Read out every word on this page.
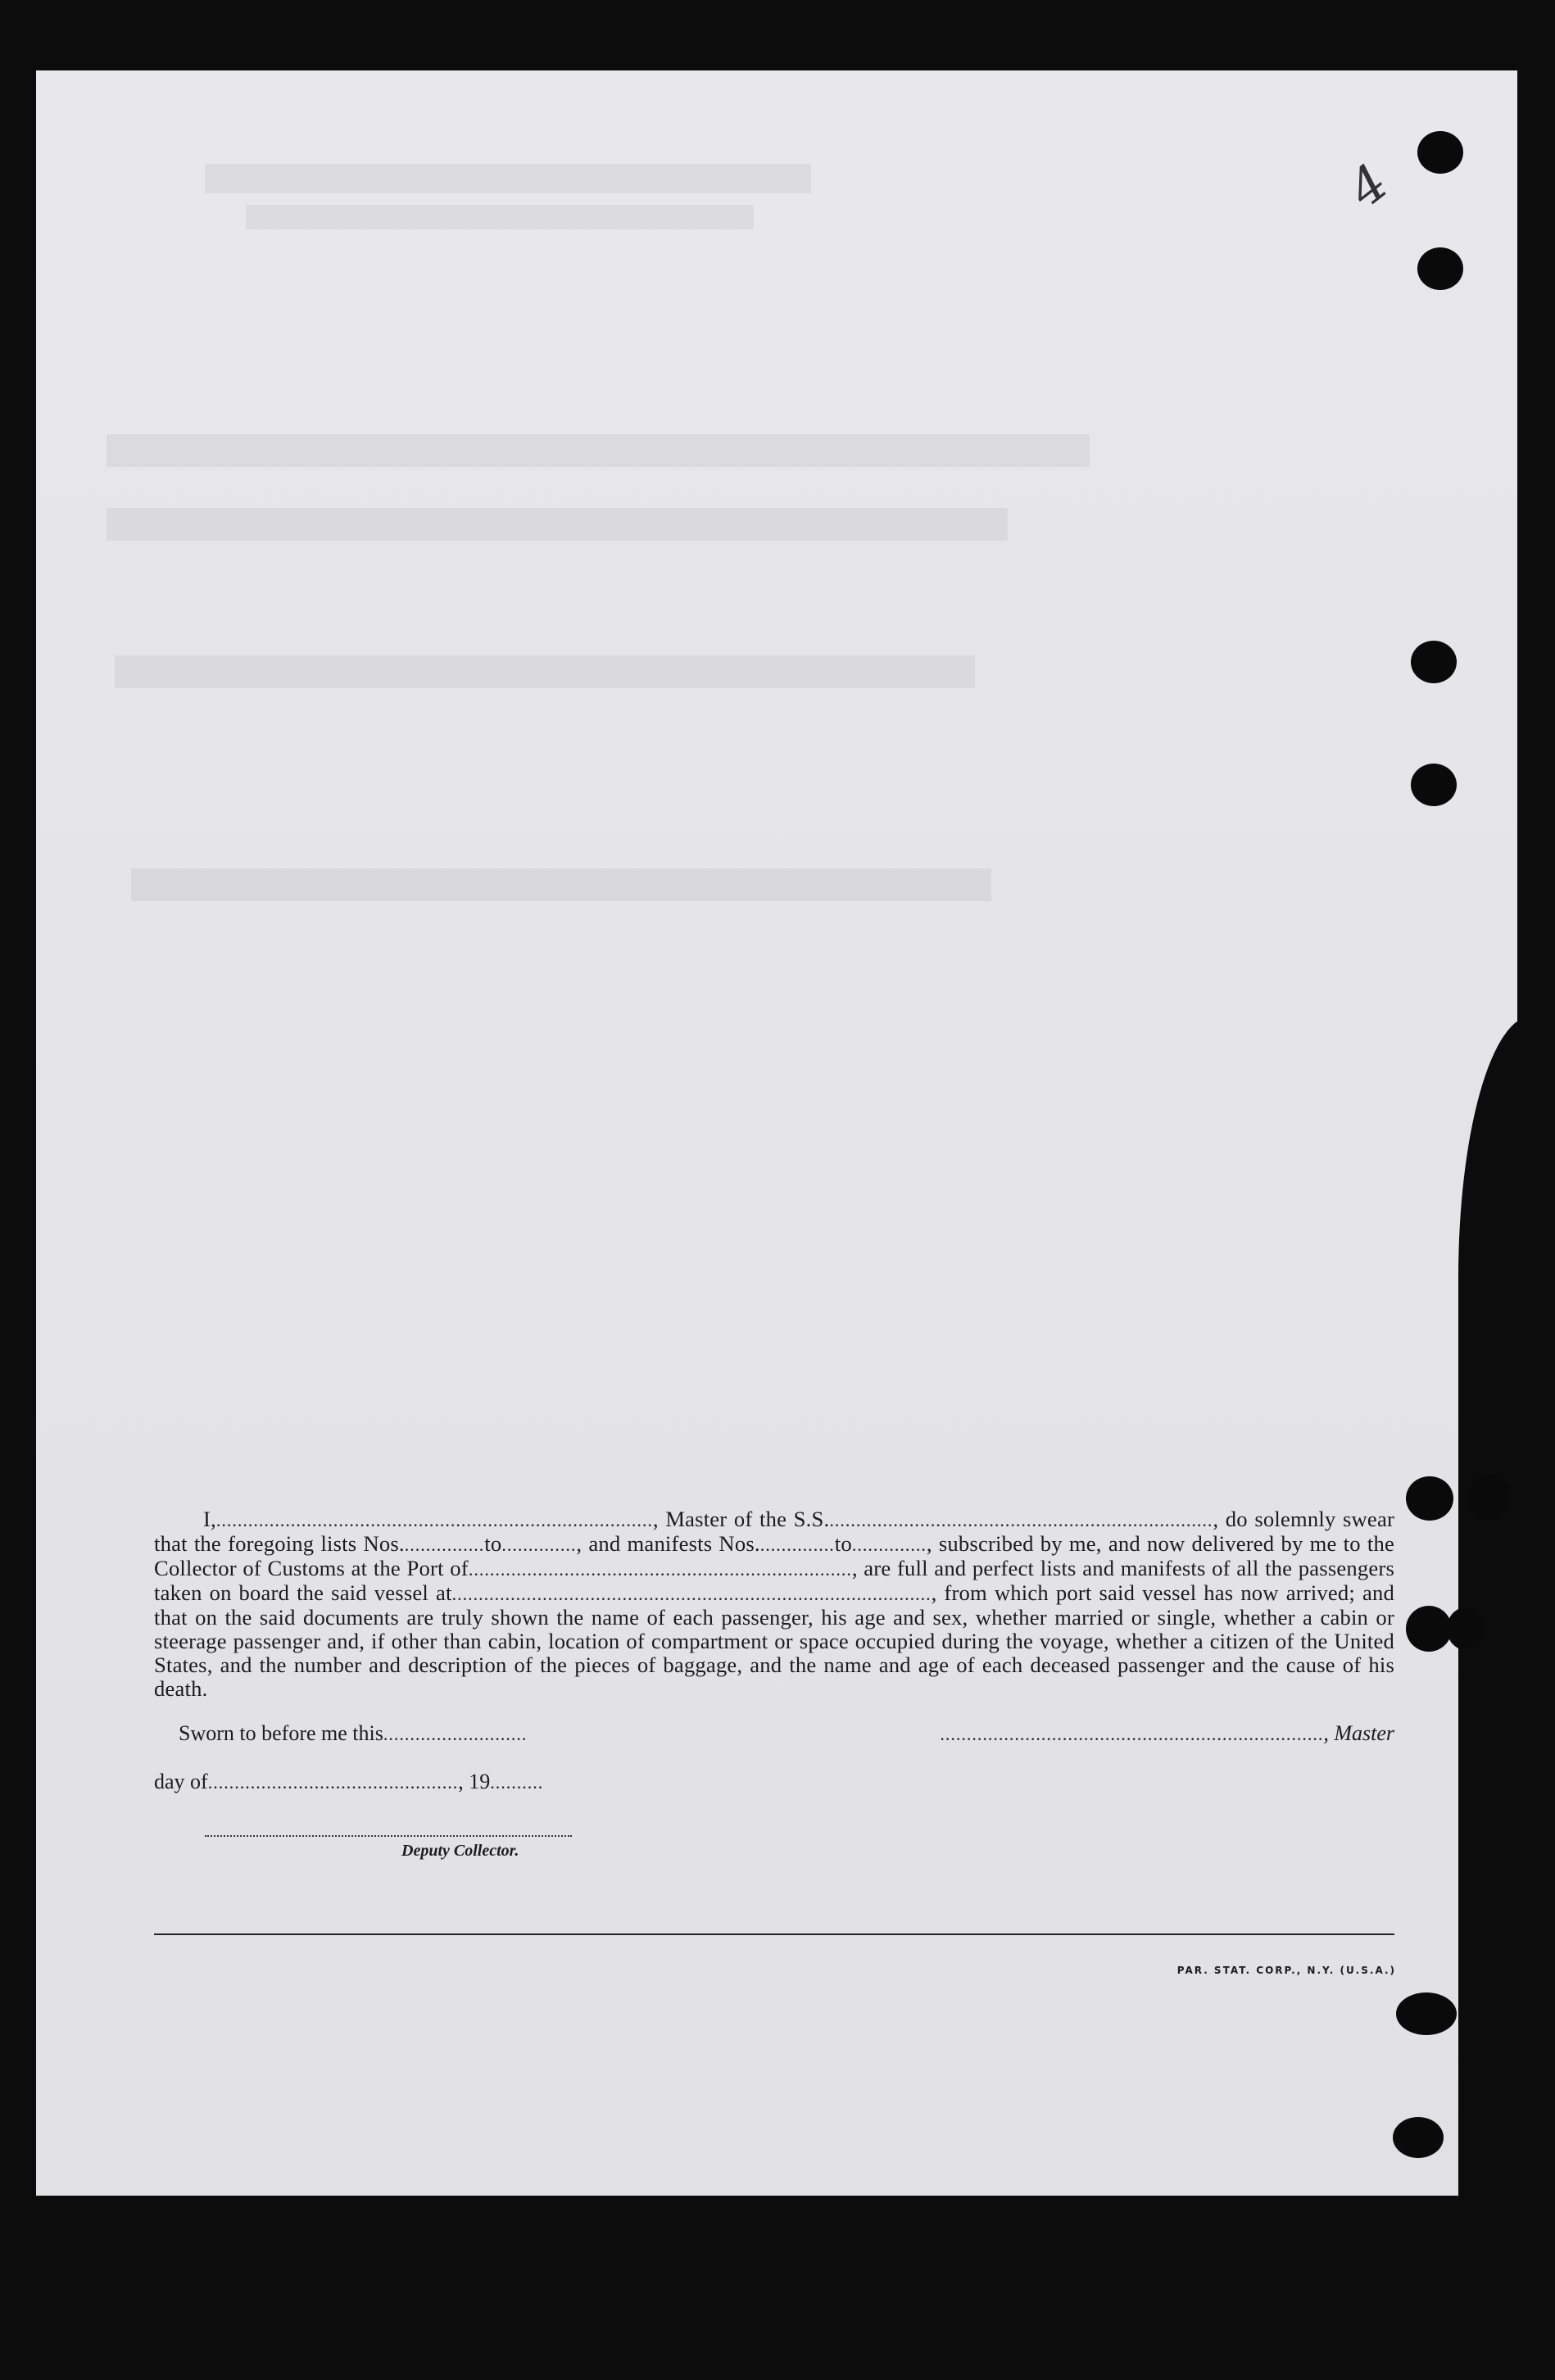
4

I,.................................................................................., Master of the S.S........................................................................., do solemnly swear that the foregoing lists Nos................to.............., and manifests Nos...............to.............., subscribed by me, and now delivered by me to the Collector of Customs at the Port of........................................................................, are full and perfect lists and manifests of all the passengers taken on board the said vessel at.........................................................................................., from which port said vessel has now arrived; and that on the said documents are truly shown the name of each passenger, his age and sex, whether married or single, whether a cabin or steerage passenger and, if other than cabin, location of compartment or space occupied during the voyage, whether a citizen of the United States, and the number and description of the pieces of baggage, and the name and age of each deceased passenger and the cause of his death.

Sworn to before me this...........................	........................................................................, Master
day of..............................................., 19..........
Deputy Collector.
PAR. STAT. CORP., N.Y. (U.S.A.)
